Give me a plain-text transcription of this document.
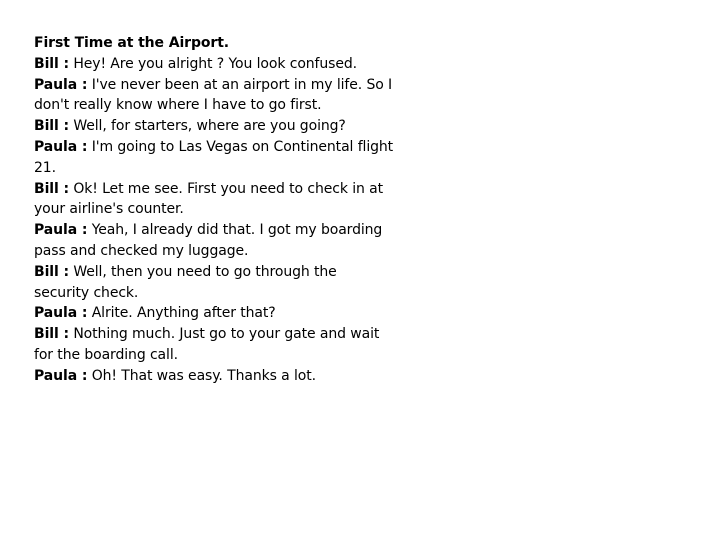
First Time at the Airport.

Bill : Hey! Are you alright ? You look confused.

Paula : I've never been at an airport in my life. So I don't really know where I have to go first.

Bill : Well, for starters, where are you going?

Paula : I'm going to Las Vegas on Continental flight 21.

Bill : Ok! Let me see. First you need to check in at your airline's counter.

Paula : Yeah, I already did that. I got my boarding pass and checked my luggage.

Bill : Well, then you need to go through the security check.

Paula : Alrite. Anything after that?

Bill : Nothing much. Just go to your gate and wait for the boarding call.

Paula : Oh! That was easy. Thanks a lot.
